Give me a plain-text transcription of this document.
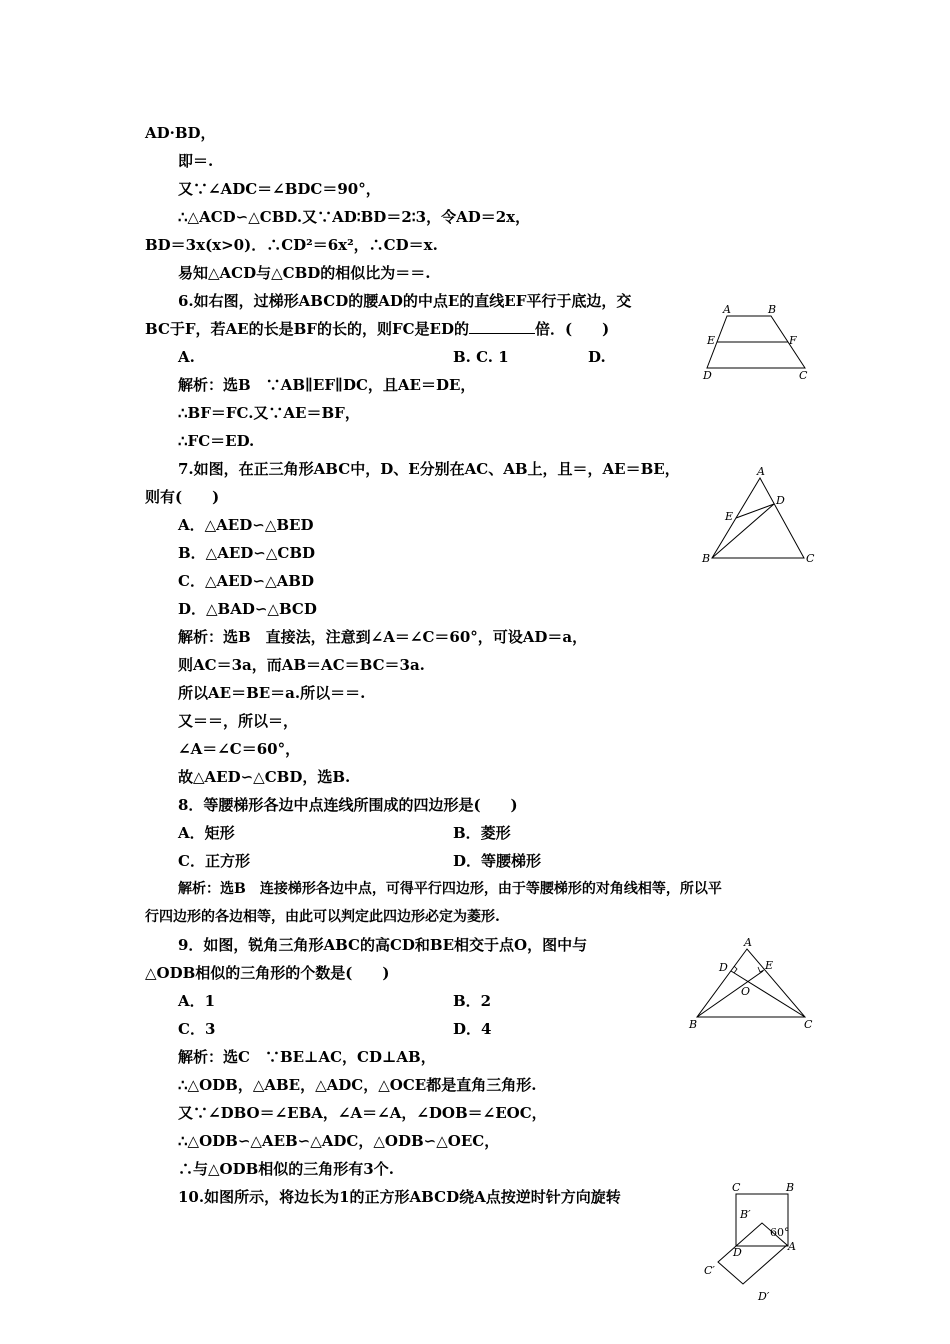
AD·BD，
即＝.
又∵∠ADC＝∠BDC＝90°，
∴△ACD∽△CBD.又∵AD∶BD＝2∶3，令AD＝2x，
BD＝3x(x>0)．∴CD²＝6x²，∴CD＝x.
易知△ACD与△CBD的相似比为＝＝.
6.如右图，过梯形ABCD的腰AD的中点E的直线EF平行于底边，交
BC于F，若AE的长是BF的长的，则FC是ED的	倍．(　　)
A.	B. C. 1	D.
解析：选B　∵AB∥EF∥DC，且AE＝DE，
∴BF＝FC.又∵AE＝BF，
∴FC＝ED.
7.如图，在正三角形ABC中，D、E分别在AC、AB上，且＝，AE＝BE，
则有(　　)
A．△AED∽△BED
B．△AED∽△CBD
C．△AED∽△ABD
D．△BAD∽△BCD
解析：选B　直接法，注意到∠A＝∠C＝60°，可设AD＝a，
则AC＝3a，而AB＝AC＝BC＝3a.
所以AE＝BE＝a.所以＝＝.
又＝＝，所以＝，
∠A＝∠C＝60°，
故△AED∽△CBD，选B.
8．等腰梯形各边中点连线所围成的四边形是(　　)
A．矩形	B．菱形
C．正方形	D．等腰梯形
解析：选B　连接梯形各边中点，可得平行四边形，由于等腰梯形的对角线相等，所以平
行四边形的各边相等，由此可以判定此四边形必定为菱形.
9．如图，锐角三角形ABC的高CD和BE相交于点O，图中与
△ODB相似的三角形的个数是(　　)
A．1	B．2
C．3	D．4
解析：选C　∵BE⊥AC，CD⊥AB，
∴△ODB，△ABE，△ADC，△OCE都是直角三角形.
又∵∠DBO＝∠EBA，∠A＝∠A，∠DOB＝∠EOC，
∴△ODB∽△AEB∽△ADC，△ODB∽△OEC，
∴与△ODB相似的三角形有3个.
10.如图所示，将边长为1的正方形ABCD绕A点按逆时针方向旋转
A	B
E	F
D	C
A
D
E
B	C
A
D	E
O
B	C
C	B
B′
60°
D	A
C′
D′
